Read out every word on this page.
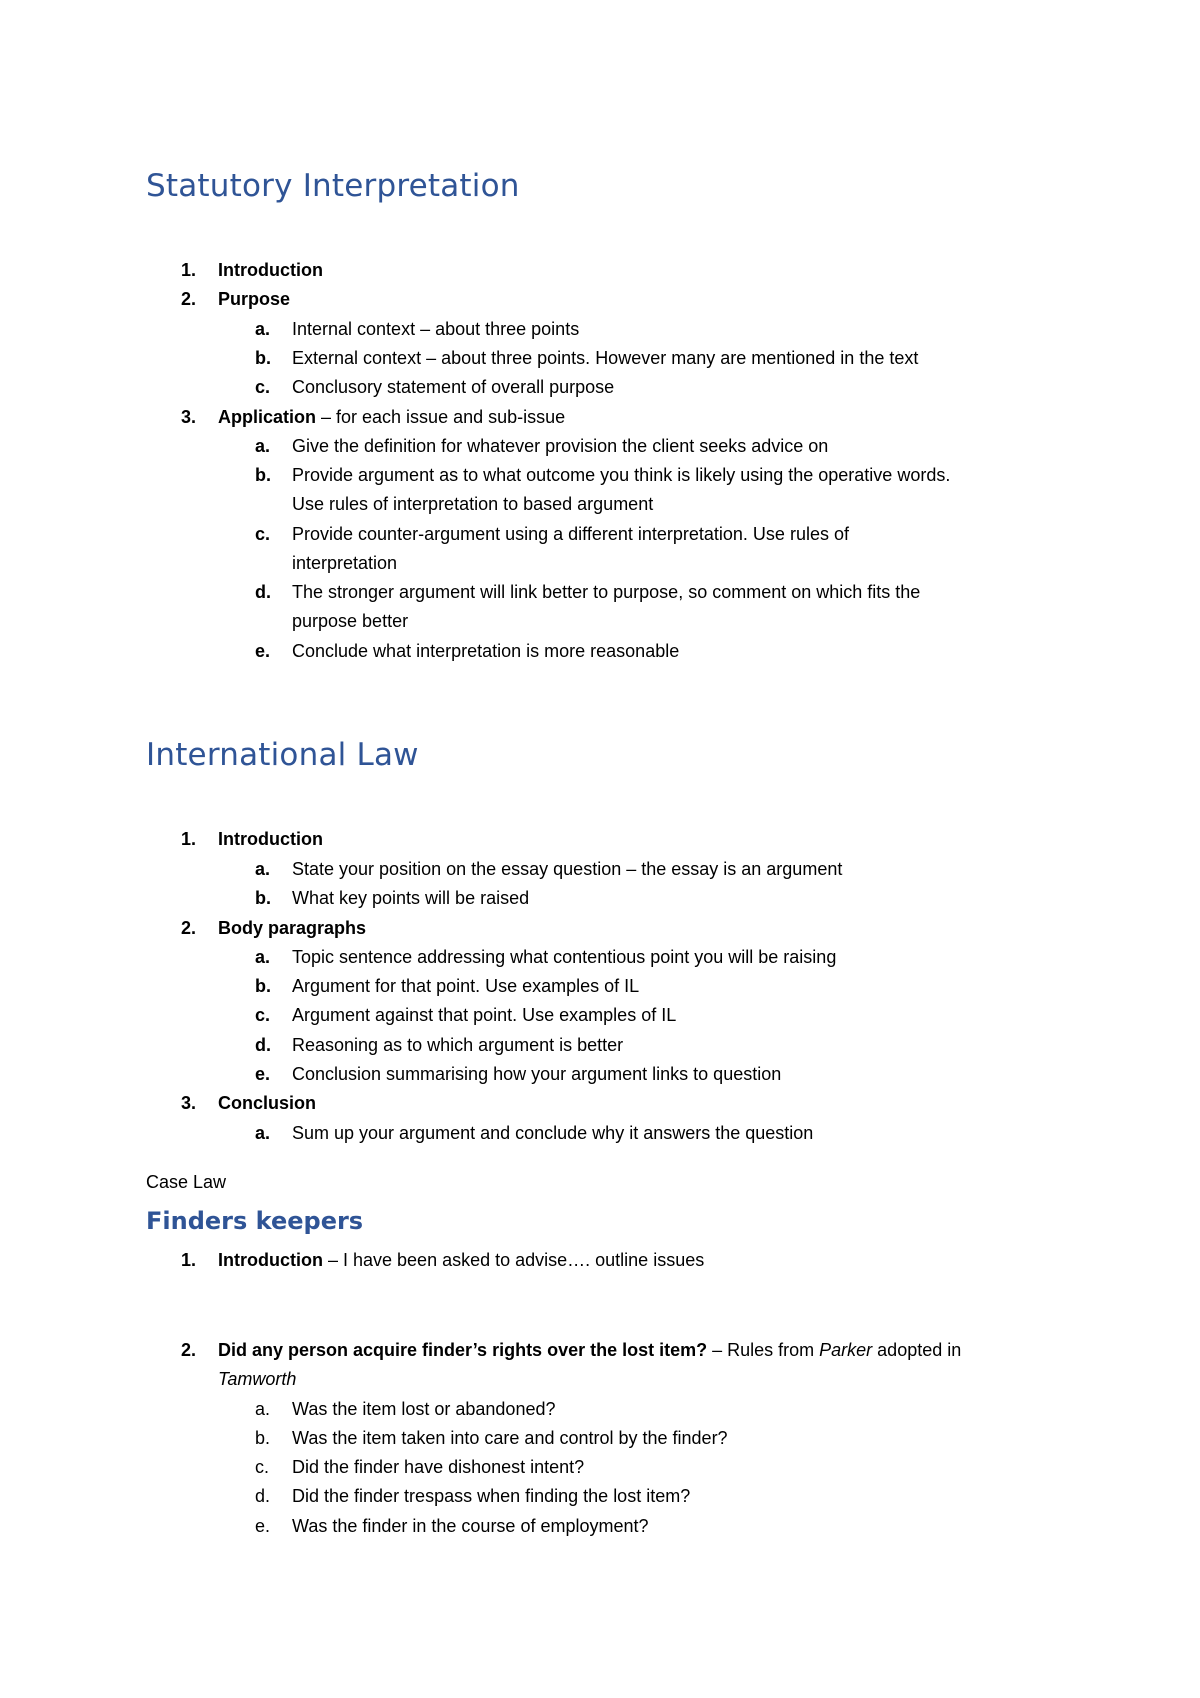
Statutory Interpretation
1. Introduction
2. Purpose
a. Internal context – about three points
b. External context – about three points. However many are mentioned in the text
c. Conclusory statement of overall purpose
3. Application – for each issue and sub-issue
a. Give the definition for whatever provision the client seeks advice on
b. Provide argument as to what outcome you think is likely using the operative words.
Use rules of interpretation to based argument
c. Provide counter-argument using a different interpretation. Use rules of
interpretation
d. The stronger argument will link better to purpose, so comment on which fits the
purpose better
e. Conclude what interpretation is more reasonable
International Law
1. Introduction
a. State your position on the essay question – the essay is an argument
b. What key points will be raised
2. Body paragraphs
a. Topic sentence addressing what contentious point you will be raising
b. Argument for that point. Use examples of IL
c. Argument against that point. Use examples of IL
d. Reasoning as to which argument is better
e. Conclusion summarising how your argument links to question
3. Conclusion
a. Sum up your argument and conclude why it answers the question
Case Law
Finders keepers
1. Introduction – I have been asked to advise…. outline issues
2. Did any person acquire finder’s rights over the lost item? – Rules from Parker adopted in
Tamworth
a. Was the item lost or abandoned?
b. Was the item taken into care and control by the finder?
c. Did the finder have dishonest intent?
d. Did the finder trespass when finding the lost item?
e. Was the finder in the course of employment?
